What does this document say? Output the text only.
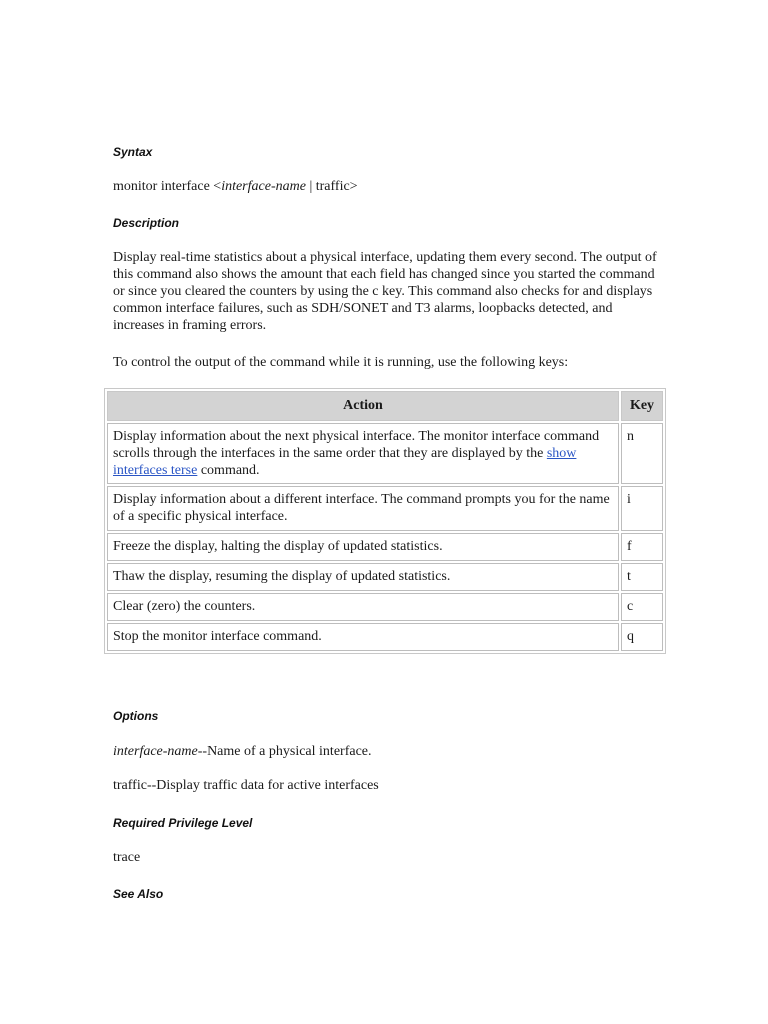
Syntax

monitor interface <interface-name | traffic>

Description

Display real-time statistics about a physical interface, updating them every second. The output of this command also shows the amount that each field has changed since you started the command or since you cleared the counters by using the c key. This command also checks for and displays common interface failures, such as SDH/SONET and T3 alarms, loopbacks detected, and increases in framing errors.

To control the output of the command while it is running, use the following keys:

Action	Key
Display information about the next physical interface. The monitor interface command scrolls through the interfaces in the same order that they are displayed by the show interfaces terse command.	n
Display information about a different interface. The command prompts you for the name of a specific physical interface.	i
Freeze the display, halting the display of updated statistics.	f
Thaw the display, resuming the display of updated statistics.	t
Clear (zero) the counters.	c
Stop the monitor interface command.	q
Options

interface-name--Name of a physical interface.

traffic--Display traffic data for active interfaces

Required Privilege Level

trace

See Also
